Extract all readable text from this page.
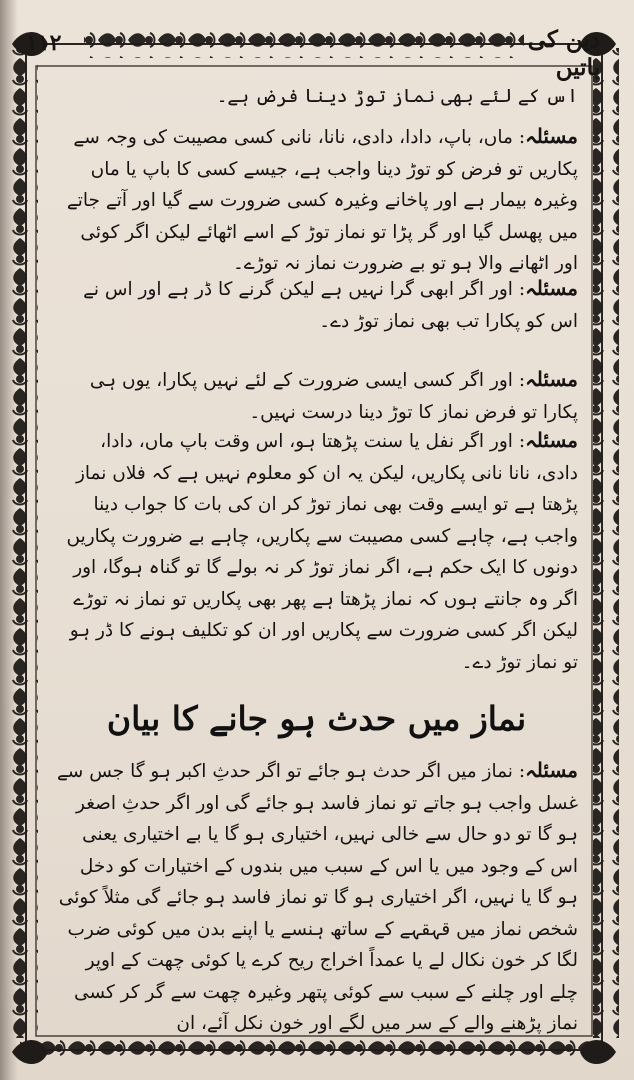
١١٢	دین کی باتیں
اس کے لئے بھی نماز توڑ دینا فرض ہے۔
مسئلہ: ماں، باپ، دادا، دادی، نانا، نانی کسی مصیبت کی وجہ سے پکاریں تو فرض کو توڑ دینا واجب ہے، جیسے کسی کا باپ یا ماں وغیرہ بیمار ہے اور پاخانے وغیرہ کسی ضرورت سے گیا اور آتے جاتے میں پھسل گیا اور گر پڑا تو نماز توڑ کے اسے اٹھائے لیکن اگر کوئی اور اٹھانے والا ہو تو بے ضرورت نماز نہ توڑے۔
مسئلہ: اور اگر ابھی گرا نہیں ہے لیکن گرنے کا ڈر ہے اور اس نے اس کو پکارا تب بھی نماز توڑ دے۔
مسئلہ: اور اگر کسی ایسی ضرورت کے لئے نہیں پکارا، یوں ہی پکارا تو فرض نماز کا توڑ دینا درست نہیں۔
مسئلہ: اور اگر نفل یا سنت پڑھتا ہو، اس وقت باپ ماں، دادا، دادی، نانا نانی پکاریں، لیکن یہ ان کو معلوم نہیں ہے کہ فلاں نماز پڑھتا ہے تو ایسے وقت بھی نماز توڑ کر ان کی بات کا جواب دینا واجب ہے، چاہے کسی مصیبت سے پکاریں، چاہے بے ضرورت پکاریں دونوں کا ایک حکم ہے، اگر نماز توڑ کر نہ بولے گا تو گناہ ہوگا، اور اگر وہ جانتے ہوں کہ نماز پڑھتا ہے پھر بھی پکاریں تو نماز نہ توڑے لیکن اگر کسی ضرورت سے پکاریں اور ان کو تکلیف ہونے کا ڈر ہو تو نماز توڑ دے۔
نماز میں حدث ہو جانے کا بیان
مسئلہ: نماز میں اگر حدث ہو جائے تو اگر حدثِ اکبر ہو گا جس سے غسل واجب ہو جاتے تو نماز فاسد ہو جائے گی اور اگر حدثِ اصغر ہو گا تو دو حال سے خالی نہیں، اختیاری ہو گا یا بے اختیاری یعنی اس کے وجود میں یا اس کے سبب میں بندوں کے اختیارات کو دخل ہو گا یا نہیں، اگر اختیاری ہو گا تو نماز فاسد ہو جائے گی مثلاً کوئی شخص نماز میں قہقہے کے ساتھ ہنسے یا اپنے بدن میں کوئی ضرب لگا کر خون نکال لے یا عمداً اخراج ریح کرے یا کوئی چھت کے اوپر چلے اور چلنے کے سبب سے کوئی پتھر وغیرہ چھت سے گر کر کسی نماز پڑھنے والے کے سر میں لگے اور خون نکل آئے، ان
